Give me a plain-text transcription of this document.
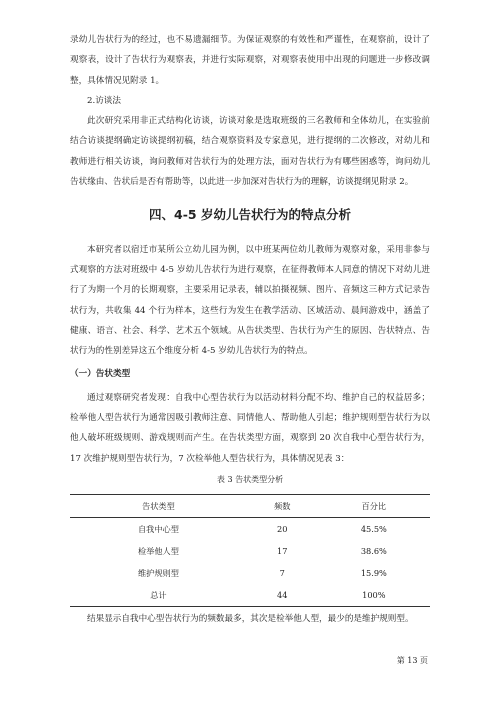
录幼儿告状行为的经过，也不易遗漏细节。为保证观察的有效性和严谨性，在观察前，设计了观察表，设计了告状行为观察表，并进行实际观察，对观察表使用中出现的问题进一步修改调整，具体情况见附录 1。

2.访谈法

此次研究采用非正式结构化访谈，访谈对象是选取班级的三名教师和全体幼儿，在实验前结合访谈提纲确定访谈提纲初稿，结合观察资料及专家意见，进行提纲的二次修改，对幼儿和教师进行相关访谈，询问教师对告状行为的处理方法，面对告状行为有哪些困惑等，询问幼儿告状缘由、告状后是否有帮助等，以此进一步加深对告状行为的理解，访谈提纲见附录 2。

四、4-5 岁幼儿告状行为的特点分析

本研究者以宿迁市某所公立幼儿园为例，以中班某两位幼儿教师为观察对象，采用非参与式观察的方法对班级中 4-5 岁幼儿告状行为进行观察，在征得教师本人同意的情况下对幼儿进行了为期一个月的长期观察，主要采用记录表，辅以拍摄视频、图片、音频这三种方式记录告状行为，共收集 44 个行为样本，这些行为发生在教学活动、区域活动、晨间游戏中，涵盖了健康、语言、社会、科学、艺术五个领域。从告状类型、告状行为产生的原因、告状特点、告状行为的性别差异这五个维度分析 4-5 岁幼儿告状行为的特点。

（一）告状类型

通过观察研究者发现：自我中心型告状行为以活动材料分配不均、维护自己的权益居多；检举他人型告状行为通常因吸引教师注意、同情他人、帮助他人引起；维护规则型告状行为以他人破坏班级规则、游戏规则而产生。在告状类型方面，观察到 20 次自我中心型告状行为，17 次维护规则型告状行为，7 次检举他人型告状行为，具体情况见表 3：

表 3 告状类型分析

告状类型	频数	百分比
自我中心型	20	45.5%
检举他人型	17	38.6%
维护规则型	7	15.9%
总计	44	100%

结果显示自我中心型告状行为的频数最多，其次是检举他人型，最少的是维护规则型。

第 13 页
